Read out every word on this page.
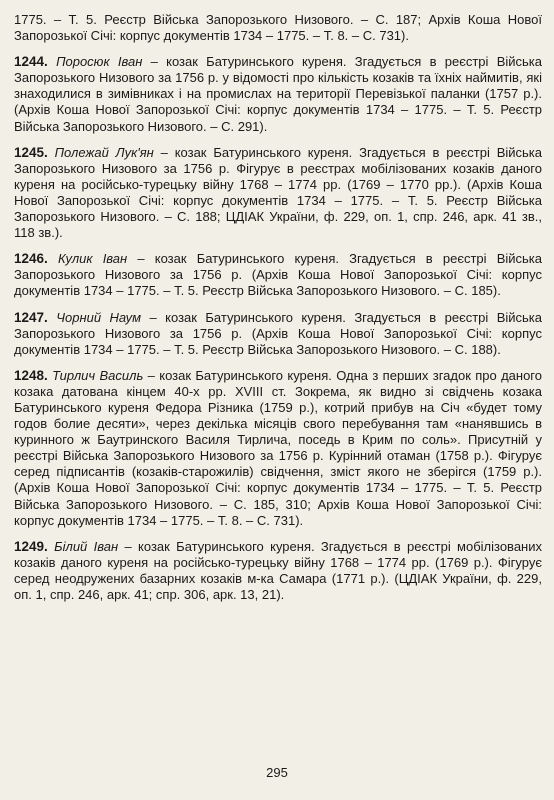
1775. – Т. 5. Реєстр Війська Запорозького Низового. – С. 187; Архів Коша Нової Запорозької Січі: корпус документів 1734 – 1775. – Т. 8. – С. 731).

1244. Поросюк Іван – козак Батуринського куреня. Згадується в реєстрі Війська Запорозького Низового за 1756 р. у відомості про кількість козаків та їхніх наймитів, які знаходилися в зимівниках і на промислах на території Перевізької паланки (1757 р.). (Архів Коша Нової Запорозької Січі: корпус документів 1734 – 1775. – Т. 5. Реєстр Війська Запорозького Низового. – С. 291).

1245. Полежай Лук'ян – козак Батуринського куреня. Згадується в реєстрі Війська Запорозького Низового за 1756 р. Фігурує в реєстрах мобілізованих козаків даного куреня на російсько-турецьку війну 1768 – 1774 рр. (1769 – 1770 рр.). (Архів Коша Нової Запорозької Січі: корпус документів 1734 – 1775. – Т. 5. Реєстр Війська Запорозького Низового. – С. 188; ЦДІАК України, ф. 229, оп. 1, спр. 246, арк. 41 зв., 118 зв.).

1246. Кулик Іван – козак Батуринського куреня. Згадується в реєстрі Війська Запорозького Низового за 1756 р. (Архів Коша Нової Запорозької Січі: корпус документів 1734 – 1775. – Т. 5. Реєстр Війська Запорозького Низового. – С. 185).

1247. Чорний Наум – козак Батуринського куреня. Згадується в реєстрі Війська Запорозького Низового за 1756 р. (Архів Коша Нової Запорозької Січі: корпус документів 1734 – 1775. – Т. 5. Реєстр Війська Запорозького Низового. – С. 188).

1248. Тирлич Василь – козак Батуринського куреня. Одна з перших згадок про даного козака датована кінцем 40-х рр. XVIII ст. Зокрема, як видно зі свідчень козака Батуринського куреня Федора Різника (1759 р.), котрий прибув на Січ «будет тому годов болие десяти», через декілька місяців свого перебування там «нанявшись в куринного ж Баутринского Василя Тирлича, поседь в Крим по соль». Присутній у реєстрі Війська Запорозького Низового за 1756 р. Курінний отаман (1758 р.). Фігурує серед підписантів (козаків-старожилів) свідчення, зміст якого не зберігся (1759 р.). (Архів Коша Нової Запорозької Січі: корпус документів 1734 – 1775. – Т. 5. Реєстр Війська Запорозького Низового. – С. 185, 310; Архів Коша Нової Запорозької Січі: корпус документів 1734 – 1775. – Т. 8. – С. 731).

1249. Білий Іван – козак Батуринського куреня. Згадується в реєстрі мобілізованих козаків даного куреня на російсько-турецьку війну 1768 – 1774 рр. (1769 р.). Фігурує серед неодружених базарних козаків м-ка Самара (1771 р.). (ЦДІАК України, ф. 229, оп. 1, спр. 246, арк. 41; спр. 306, арк. 13, 21).

295
